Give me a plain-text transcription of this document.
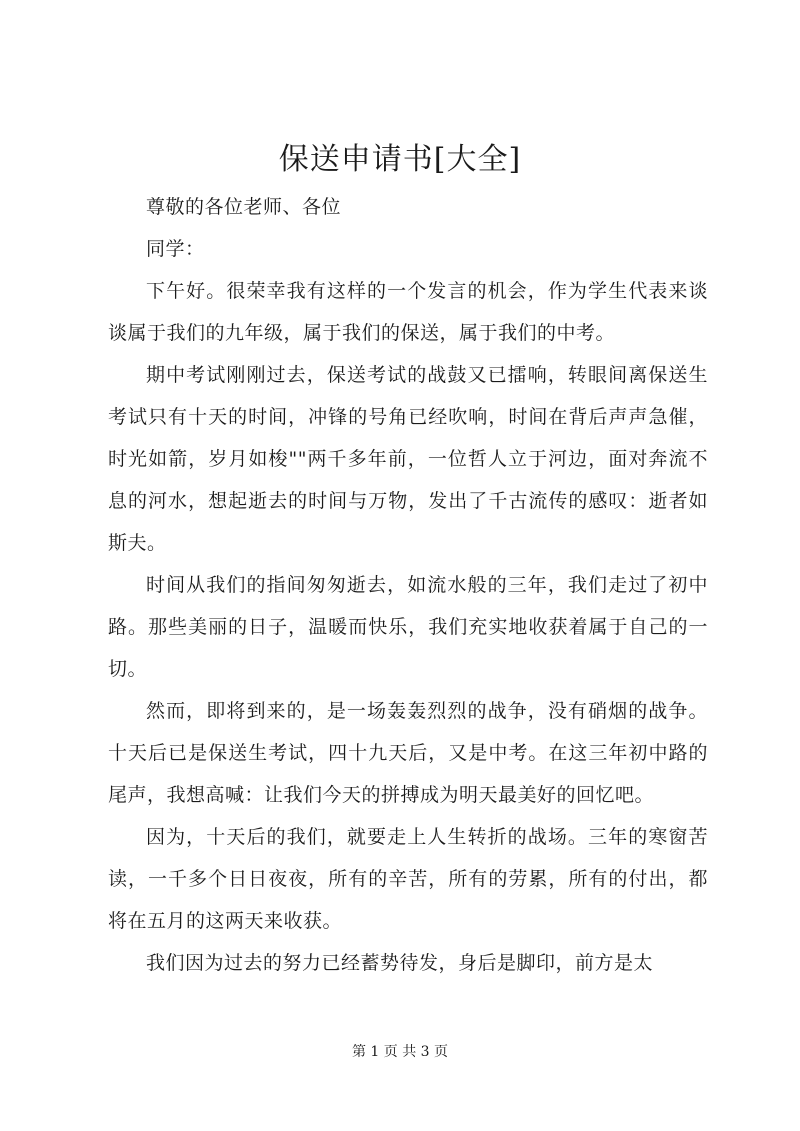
保送申请书[大全]

尊敬的各位老师、各位

同学：

下午好。很荣幸我有这样的一个发言的机会，作为学生代表来谈谈属于我们的九年级，属于我们的保送，属于我们的中考。

期中考试刚刚过去，保送考试的战鼓又已擂响，转眼间离保送生考试只有十天的时间，冲锋的号角已经吹响，时间在背后声声急催，时光如箭，岁月如梭""两千多年前，一位哲人立于河边，面对奔流不息的河水，想起逝去的时间与万物，发出了千古流传的感叹：逝者如斯夫。

时间从我们的指间匆匆逝去，如流水般的三年，我们走过了初中路。那些美丽的日子，温暖而快乐，我们充实地收获着属于自己的一切。

然而，即将到来的，是一场轰轰烈烈的战争，没有硝烟的战争。十天后已是保送生考试，四十九天后，又是中考。在这三年初中路的尾声，我想高喊：让我们今天的拼搏成为明天最美好的回忆吧。

因为，十天后的我们，就要走上人生转折的战场。三年的寒窗苦读，一千多个日日夜夜，所有的辛苦，所有的劳累，所有的付出，都将在五月的这两天来收获。

我们因为过去的努力已经蓄势待发，身后是脚印，前方是太

第 1 页 共 3 页
